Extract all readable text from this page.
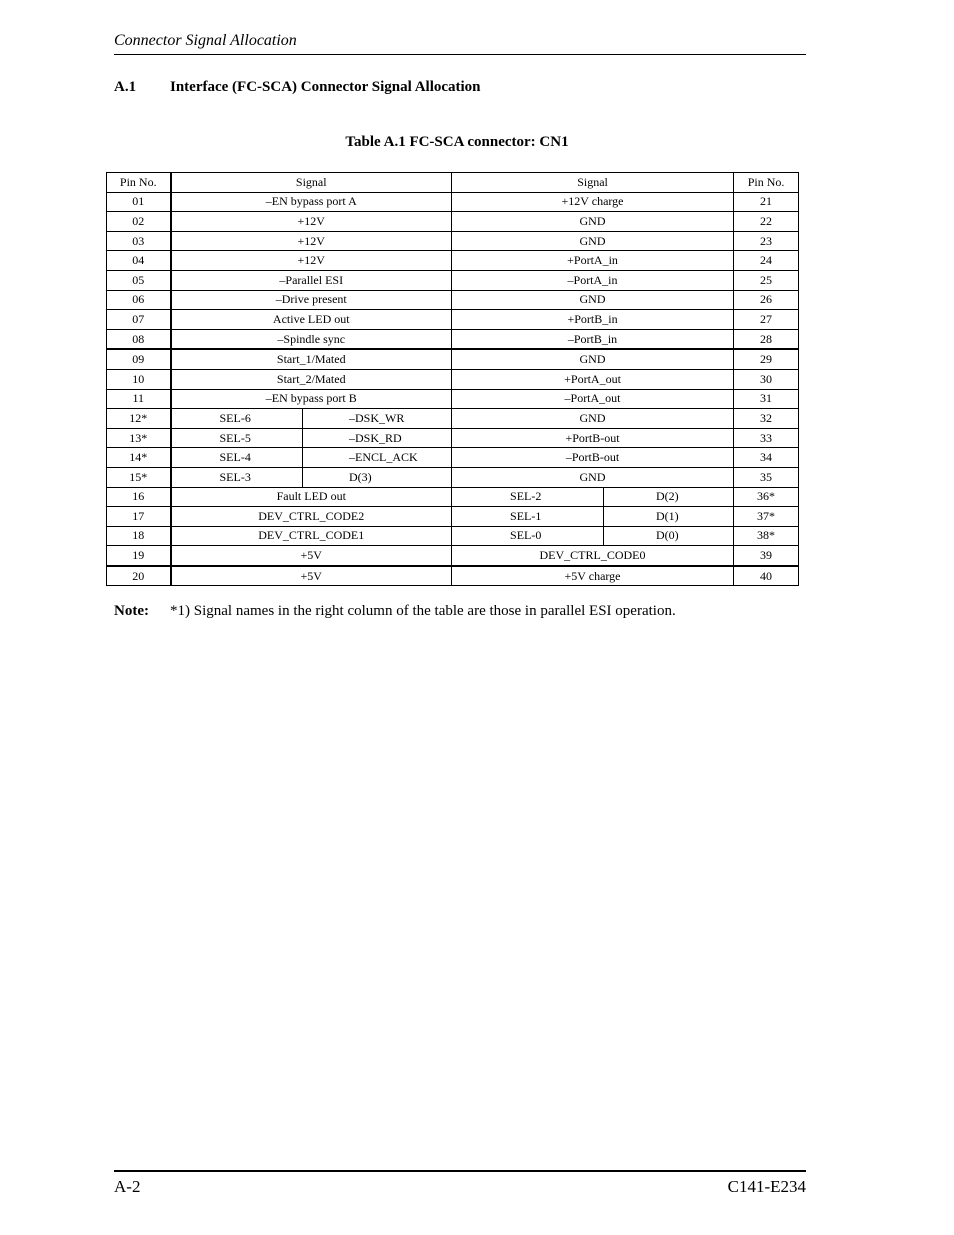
Connector Signal Allocation
A.1 Interface (FC-SCA) Connector Signal Allocation
Table A.1 FC-SCA connector: CN1
Pin No.	Signal		Signal		Pin No.
01	–EN bypass port A		+12V charge		21
02	+12V		GND		22
03	+12V		GND		23
04	+12V		+PortA_in		24
05	–Parallel ESI		–PortA_in		25
06	–Drive present		GND		26
07	Active LED out		+PortB_in		27
08	–Spindle sync		–PortB_in		28
09	Start_1/Mated		GND		29
10	Start_2/Mated		+PortA_out		30
11	–EN bypass port B		–PortA_out		31
12*	SEL-6	–DSK_WR	GND		32
13*	SEL-5	–DSK_RD	+PortB-out		33
14*	SEL-4	–ENCL_ACK	–PortB-out		34
15*	SEL-3	D(3)	GND		35
16	Fault LED out		SEL-2	D(2)	36*
17	DEV_CTRL_CODE2		SEL-1	D(1)	37*
18	DEV_CTRL_CODE1		SEL-0	D(0)	38*
19	+5V		DEV_CTRL_CODE0		39
20	+5V		+5V charge		40
Note: *1) Signal names in the right column of the table are those in parallel ESI operation.
A-2	C141-E234
